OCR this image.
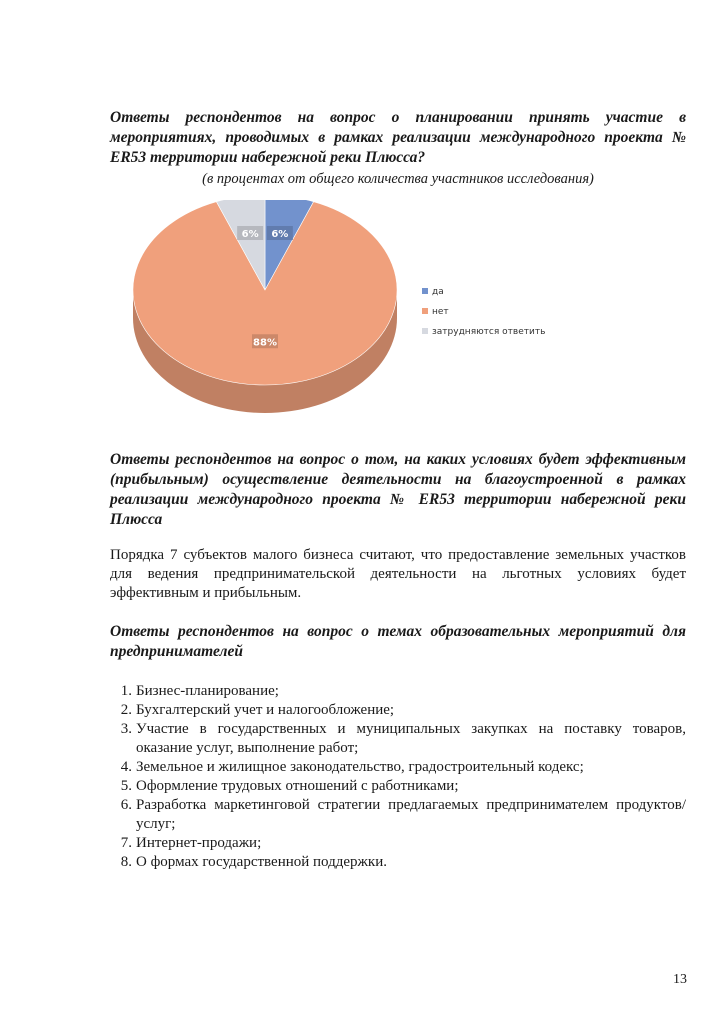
Ответы респондентов на вопрос о планировании принять участие в мероприятиях, проводимых в рамках реализации международного проекта № ER53 территории набережной реки Плюсса?

(в процентах от общего количества участников исследования)

6%
88%
6%
да
нет
затрудняются ответить

Ответы респондентов на вопрос о том, на каких условиях будет эффективным (прибыльным) осуществление деятельности на благоустроенной в рамках реализации международного проекта № ER53 территории набережной реки Плюсса

Порядка 7 субъектов малого бизнеса считают, что предоставление земельных участков для ведения предпринимательской деятельности на льготных условиях будет эффективным и прибыльным.

Ответы респондентов на вопрос о темах образовательных мероприятий для предпринимателей

1. Бизнес-планирование;
2. Бухгалтерский учет и налогообложение;
3. Участие в государственных и муниципальных закупках на поставку товаров, оказание услуг, выполнение работ;
4. Земельное и жилищное законодательство, градостроительный кодекс;
5. Оформление трудовых отношений с работниками;
6. Разработка маркетинговой стратегии предлагаемых предпринимателем продуктов/услуг;
7. Интернет-продажи;
8. О формах государственной поддержки.
13
